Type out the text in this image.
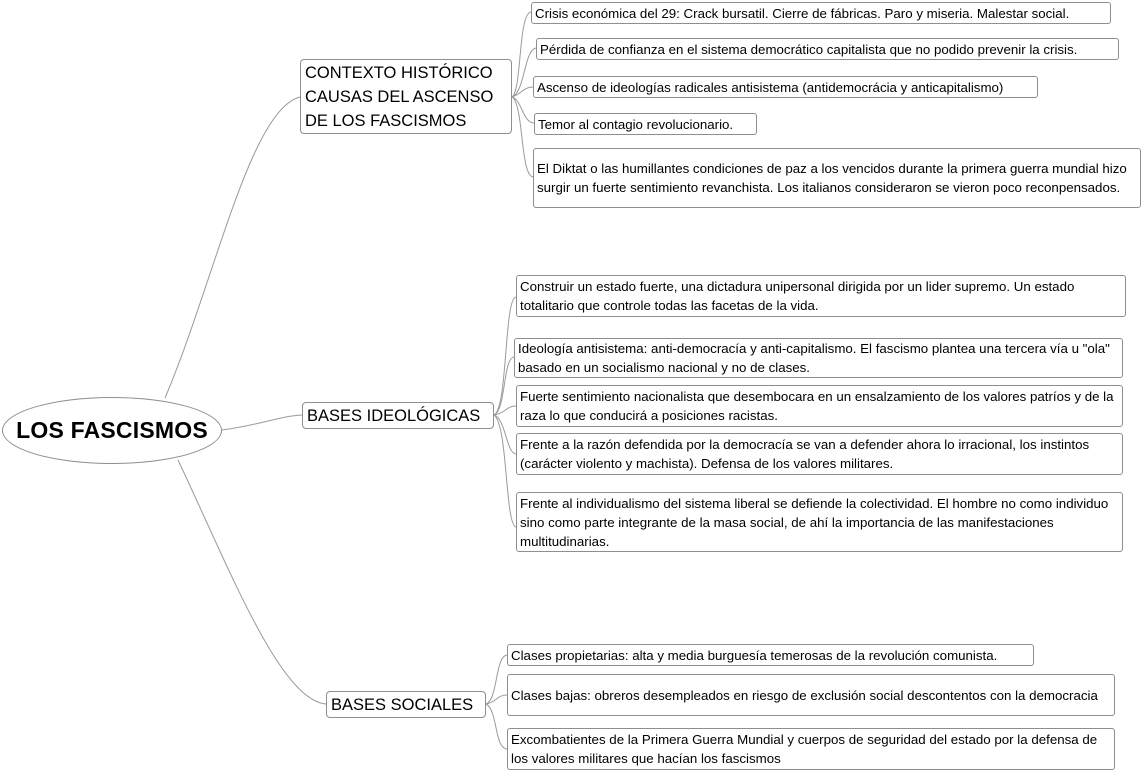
LOS FASCISMOS
CONTEXTO HISTÓRICO CAUSAS DEL ASCENSO DE LOS FASCISMOS
Crisis económica del 29: Crack bursatil. Cierre de fábricas. Paro y miseria. Malestar social.
Pérdida de confianza en el sistema democrático capitalista que no podido prevenir la crisis.
Ascenso de ideologías radicales antisistema (antidemocrácia y anticapitalismo)
Temor al contagio revolucionario.
El Diktat o las humillantes condiciones de paz a los vencidos durante la primera guerra mundial hizo surgir un fuerte sentimiento revanchista. Los italianos consideraron se vieron poco reconpensados.
BASES IDEOLÓGICAS
Construir un estado fuerte, una dictadura unipersonal dirigida por un lider supremo. Un estado totalitario que controle todas las facetas de la vida.
Ideología antisistema: anti-democracía y anti-capitalismo. El fascismo plantea una tercera vía u "ola" basado en un socialismo nacional y no de clases.
Fuerte sentimiento nacionalista que desembocara en un ensalzamiento de los valores patríos y de la raza lo que conducirá a posiciones racistas.
Frente a la razón defendida por la democracía se van a defender ahora lo irracional, los instintos (carácter violento y machista). Defensa de los valores militares.
Frente al individualismo del sistema liberal se defiende la colectividad. El hombre no como individuo sino como parte integrante de la masa social, de ahí la importancia de las manifestaciones multitudinarias.
BASES SOCIALES
Clases propietarias: alta y media burguesía temerosas de la revolución comunista.
Clases bajas: obreros desempleados en riesgo de exclusión social descontentos con la democracia
Excombatientes de la Primera Guerra Mundial y cuerpos de seguridad del estado por la defensa de los valores militares que hacían los fascismos
